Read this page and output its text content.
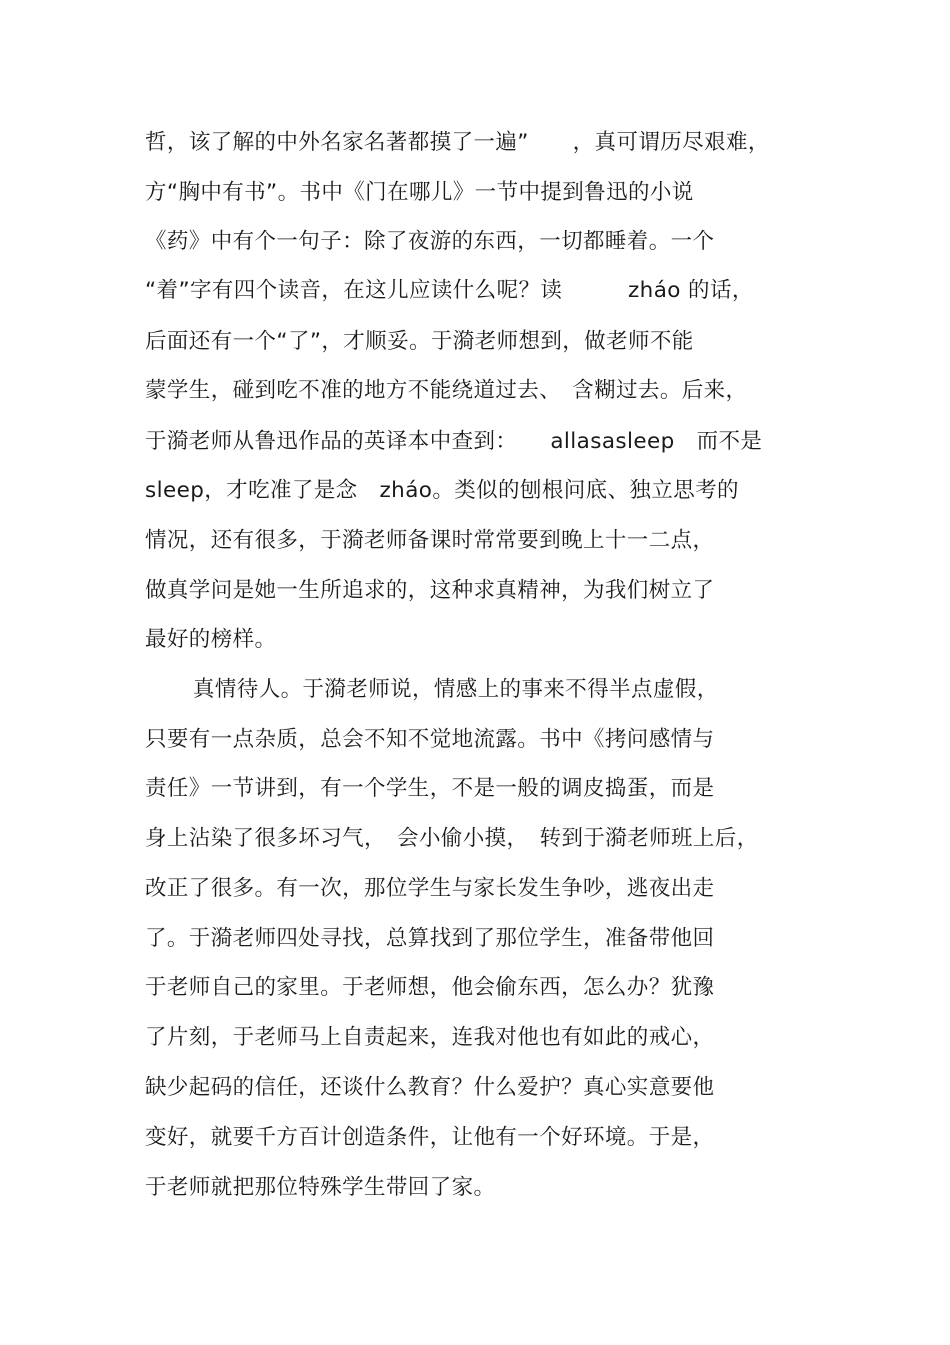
哲，该了解的中外名家名著都摸了一遍”　　，真可谓历尽艰难，
方“胸中有书”。书中《门在哪儿》一节中提到鲁迅的小说
《药》中有个一句子：除了夜游的东西，一切都睡着。一个
“着”字有四个读音，在这儿应读什么呢？读　　　zháo 的话，
后面还有一个“了”，才顺妥。于漪老师想到，做老师不能
蒙学生，碰到吃不准的地方不能绕道过去、　含糊过去。后来，
于漪老师从鲁迅作品的英译本中查到：　　allasasleep　而不是
sleep，才吃准了是念　zháo。类似的刨根问底、独立思考的
情况，还有很多，于漪老师备课时常常要到晚上十一二点，
做真学问是她一生所追求的，这种求真精神，为我们树立了
最好的榜样。
真情待人。于漪老师说，情感上的事来不得半点虚假，
只要有一点杂质，总会不知不觉地流露。书中《拷问感情与
责任》一节讲到，有一个学生，不是一般的调皮捣蛋，而是
身上沾染了很多坏习气，　会小偷小摸，　转到于漪老师班上后，
改正了很多。有一次，那位学生与家长发生争吵，逃夜出走
了。于漪老师四处寻找，总算找到了那位学生，准备带他回
于老师自己的家里。于老师想，他会偷东西，怎么办？犹豫
了片刻，于老师马上自责起来，连我对他也有如此的戒心，
缺少起码的信任，还谈什么教育？什么爱护？真心实意要他
变好，就要千方百计创造条件，让他有一个好环境。于是，
于老师就把那位特殊学生带回了家。
